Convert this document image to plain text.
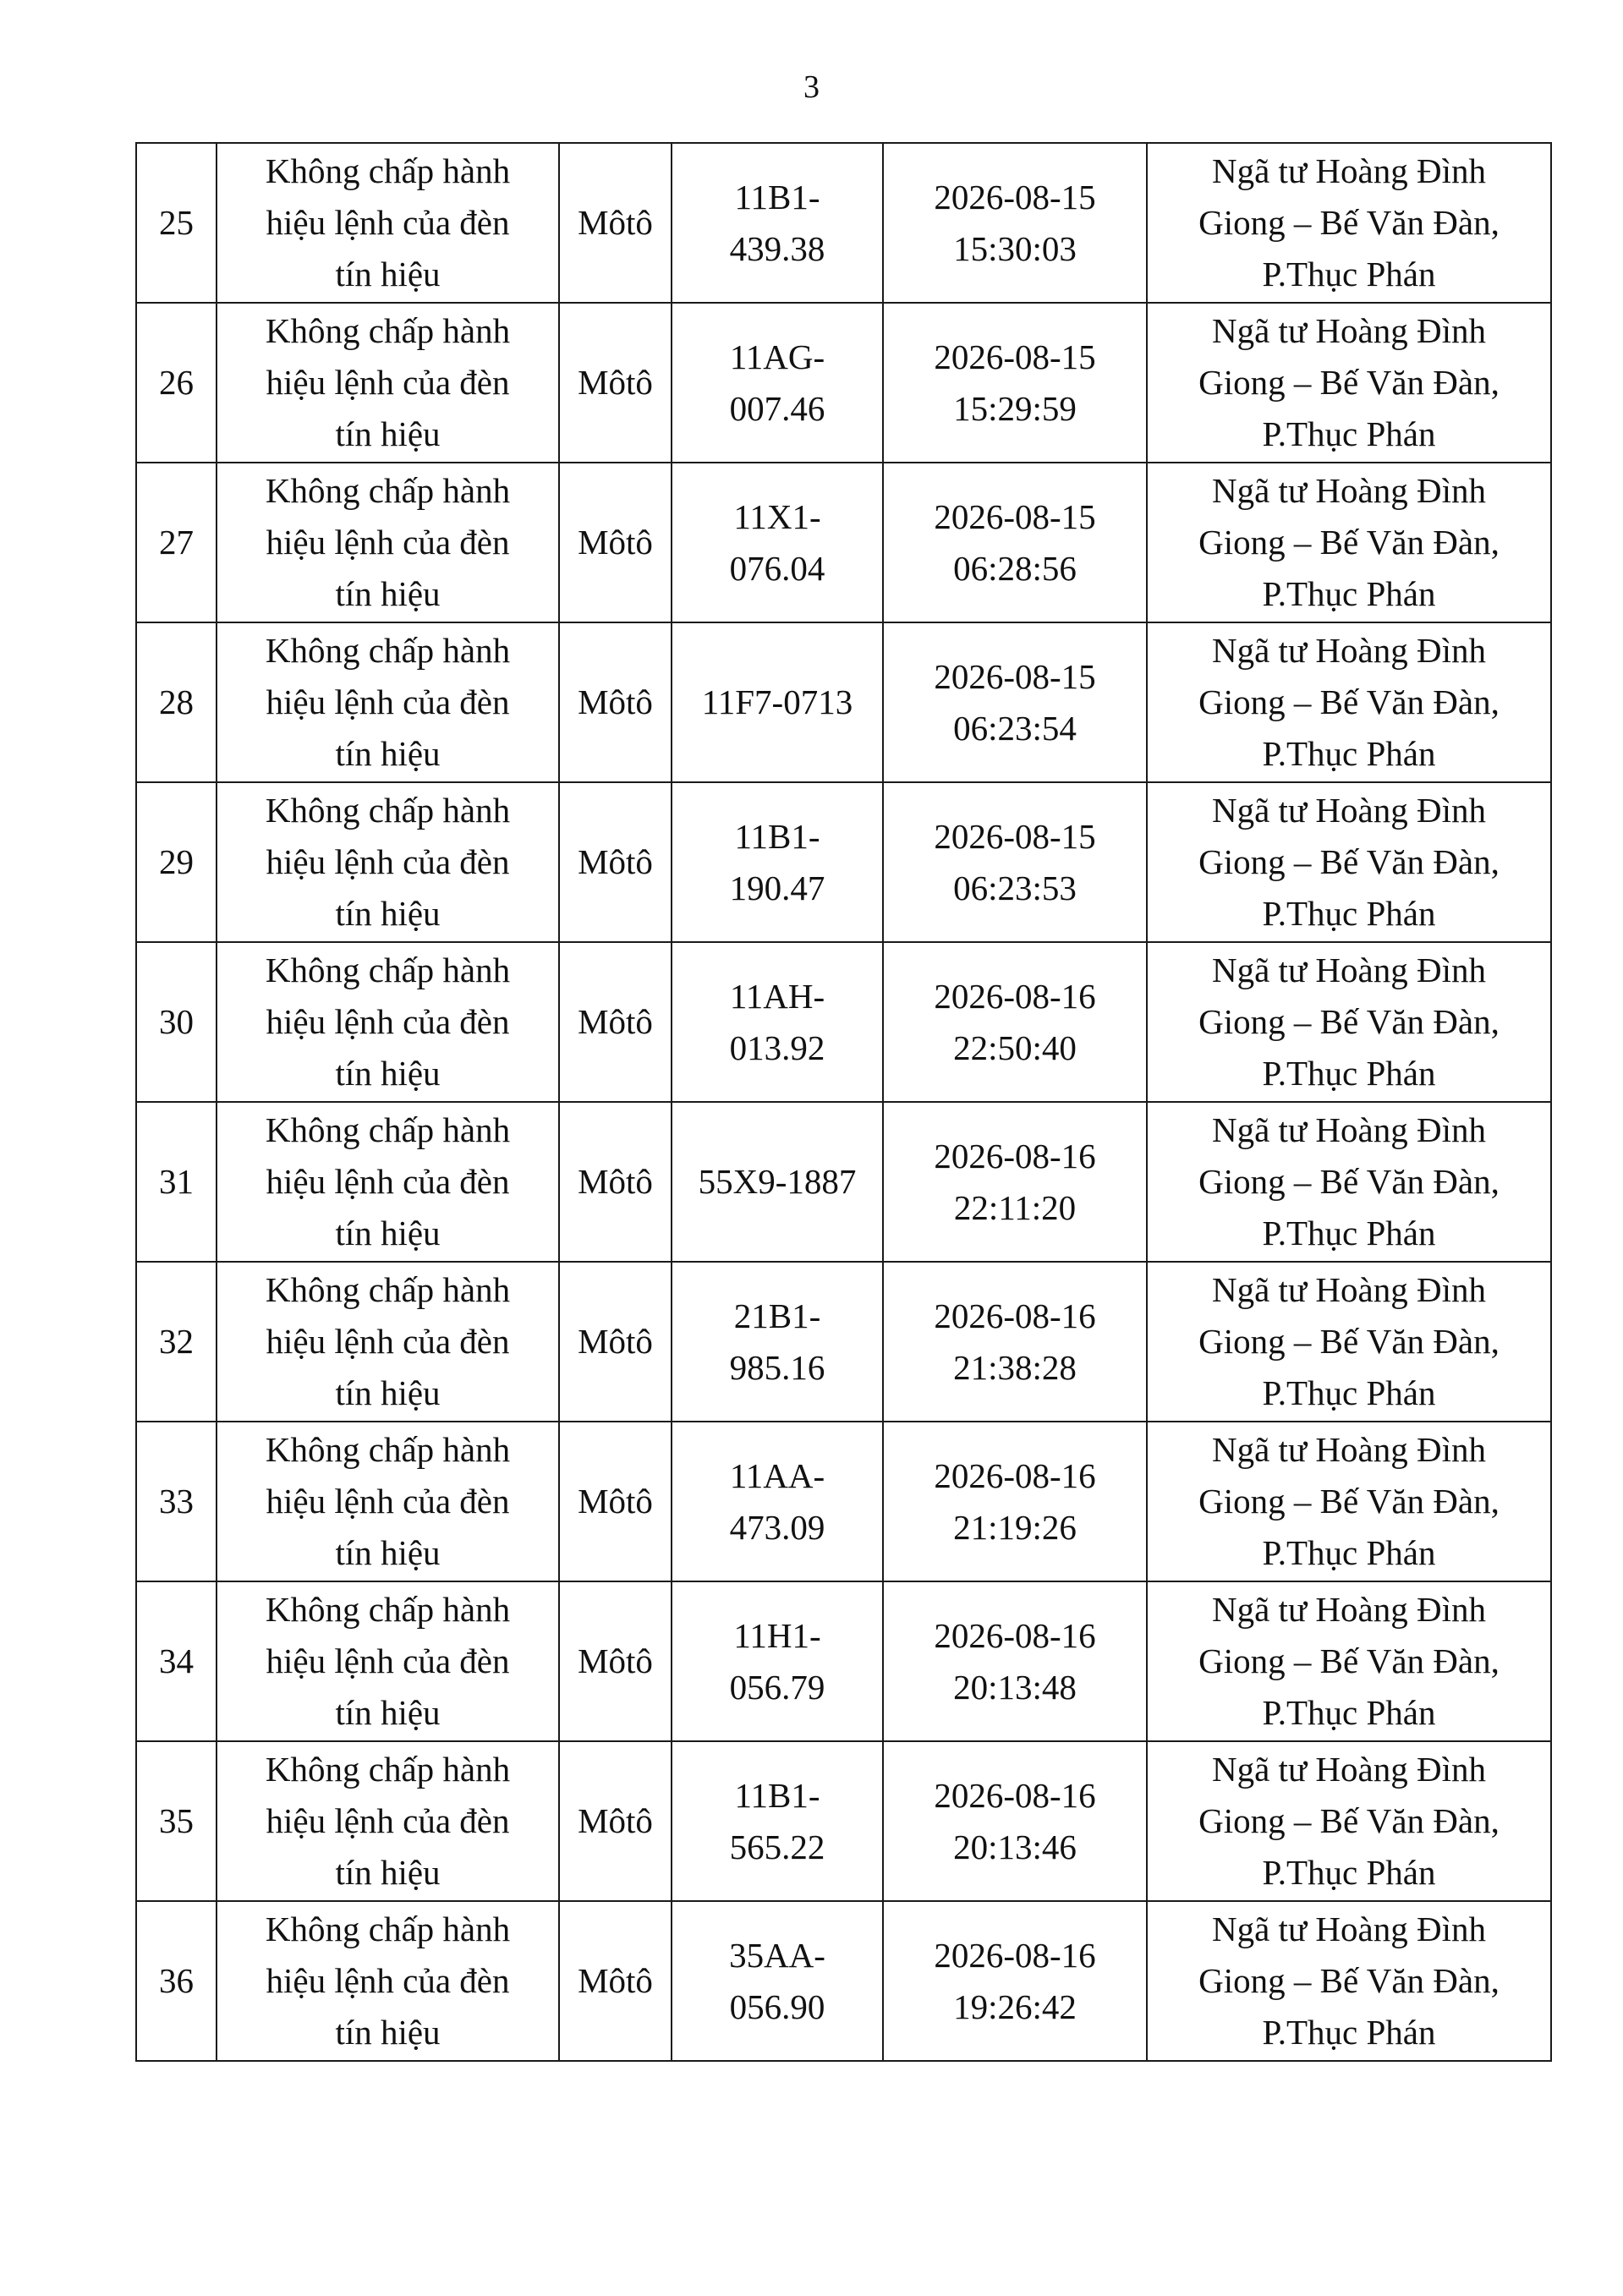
3
25	Không chấp hành
hiệu lệnh của đèn
tín hiệu	Môtô	11B1-
439.38	2026-08-15
15:30:03	Ngã tư Hoàng Đình
Giong – Bế Văn Đàn,
P.Thục Phán

26	Không chấp hành
hiệu lệnh của đèn
tín hiệu	Môtô	11AG-
007.46	2026-08-15
15:29:59	Ngã tư Hoàng Đình
Giong – Bế Văn Đàn,
P.Thục Phán

27	Không chấp hành
hiệu lệnh của đèn
tín hiệu	Môtô	11X1-
076.04	2026-08-15
06:28:56	Ngã tư Hoàng Đình
Giong – Bế Văn Đàn,
P.Thục Phán

28	Không chấp hành
hiệu lệnh của đèn
tín hiệu	Môtô	11F7-0713	2026-08-15
06:23:54	Ngã tư Hoàng Đình
Giong – Bế Văn Đàn,
P.Thục Phán

29	Không chấp hành
hiệu lệnh của đèn
tín hiệu	Môtô	11B1-
190.47	2026-08-15
06:23:53	Ngã tư Hoàng Đình
Giong – Bế Văn Đàn,
P.Thục Phán

30	Không chấp hành
hiệu lệnh của đèn
tín hiệu	Môtô	11AH-
013.92	2026-08-16
22:50:40	Ngã tư Hoàng Đình
Giong – Bế Văn Đàn,
P.Thục Phán

31	Không chấp hành
hiệu lệnh của đèn
tín hiệu	Môtô	55X9-1887	2026-08-16
22:11:20	Ngã tư Hoàng Đình
Giong – Bế Văn Đàn,
P.Thục Phán

32	Không chấp hành
hiệu lệnh của đèn
tín hiệu	Môtô	21B1-
985.16	2026-08-16
21:38:28	Ngã tư Hoàng Đình
Giong – Bế Văn Đàn,
P.Thục Phán

33	Không chấp hành
hiệu lệnh của đèn
tín hiệu	Môtô	11AA-
473.09	2026-08-16
21:19:26	Ngã tư Hoàng Đình
Giong – Bế Văn Đàn,
P.Thục Phán

34	Không chấp hành
hiệu lệnh của đèn
tín hiệu	Môtô	11H1-
056.79	2026-08-16
20:13:48	Ngã tư Hoàng Đình
Giong – Bế Văn Đàn,
P.Thục Phán

35	Không chấp hành
hiệu lệnh của đèn
tín hiệu	Môtô	11B1-
565.22	2026-08-16
20:13:46	Ngã tư Hoàng Đình
Giong – Bế Văn Đàn,
P.Thục Phán

36	Không chấp hành
hiệu lệnh của đèn
tín hiệu	Môtô	35AA-
056.90	2026-08-16
19:26:42	Ngã tư Hoàng Đình
Giong – Bế Văn Đàn,
P.Thục Phán
